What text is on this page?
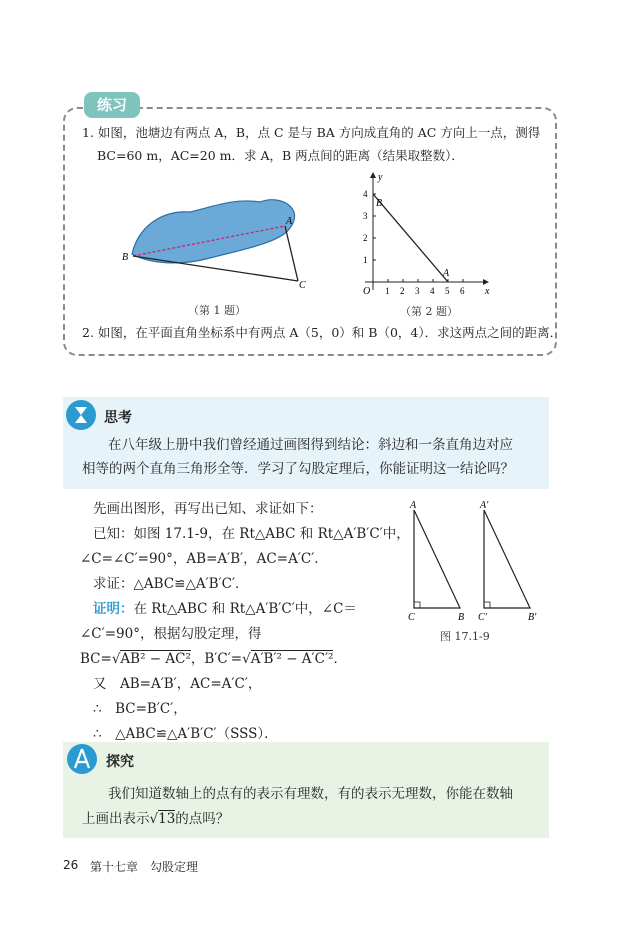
练习
1. 如图，池塘边有两点 A，B，点 C 是与 BA 方向成直角的 AC 方向上一点，测得
BC=60 m，AC=20 m．求 A，B 两点间的距离（结果取整数）．
A
B
C
（第 1 题）
1
2
3
4
1 2 3 4 5 6
O
y
x
B
A
（第 2 题）
2. 如图，在平面直角坐标系中有两点 A（5，0）和 B（0，4）．求这两点之间的距离．
思考
在八年级上册中我们曾经通过画图得到结论：斜边和一条直角边对应
相等的两个直角三角形全等．学习了勾股定理后，你能证明这一结论吗？
先画出图形，再写出已知、求证如下：
已知：如图 17.1-9，在 Rt△ABC 和 Rt△A′B′C′中，
∠C=∠C′=90°，AB=A′B′，AC=A′C′．
求证：△ABC≌△A′B′C′．
证明：在 Rt△ABC 和 Rt△A′B′C′中，∠C＝
∠C′=90°，根据勾股定理，得
BC=√AB² − AC²，B′C′=√A′B′² − A′C′²．
又　AB=A′B′，AC=A′C′，
∴　BC=B′C′，
∴　△ABC≌△A′B′C′（SSS）．
A
C	B
A′
C′	B′
图 17.1-9
探究
我们知道数轴上的点有的表示有理数，有的表示无理数，你能在数轴
上画出表示√13的点吗？
26 第十七章　勾股定理
